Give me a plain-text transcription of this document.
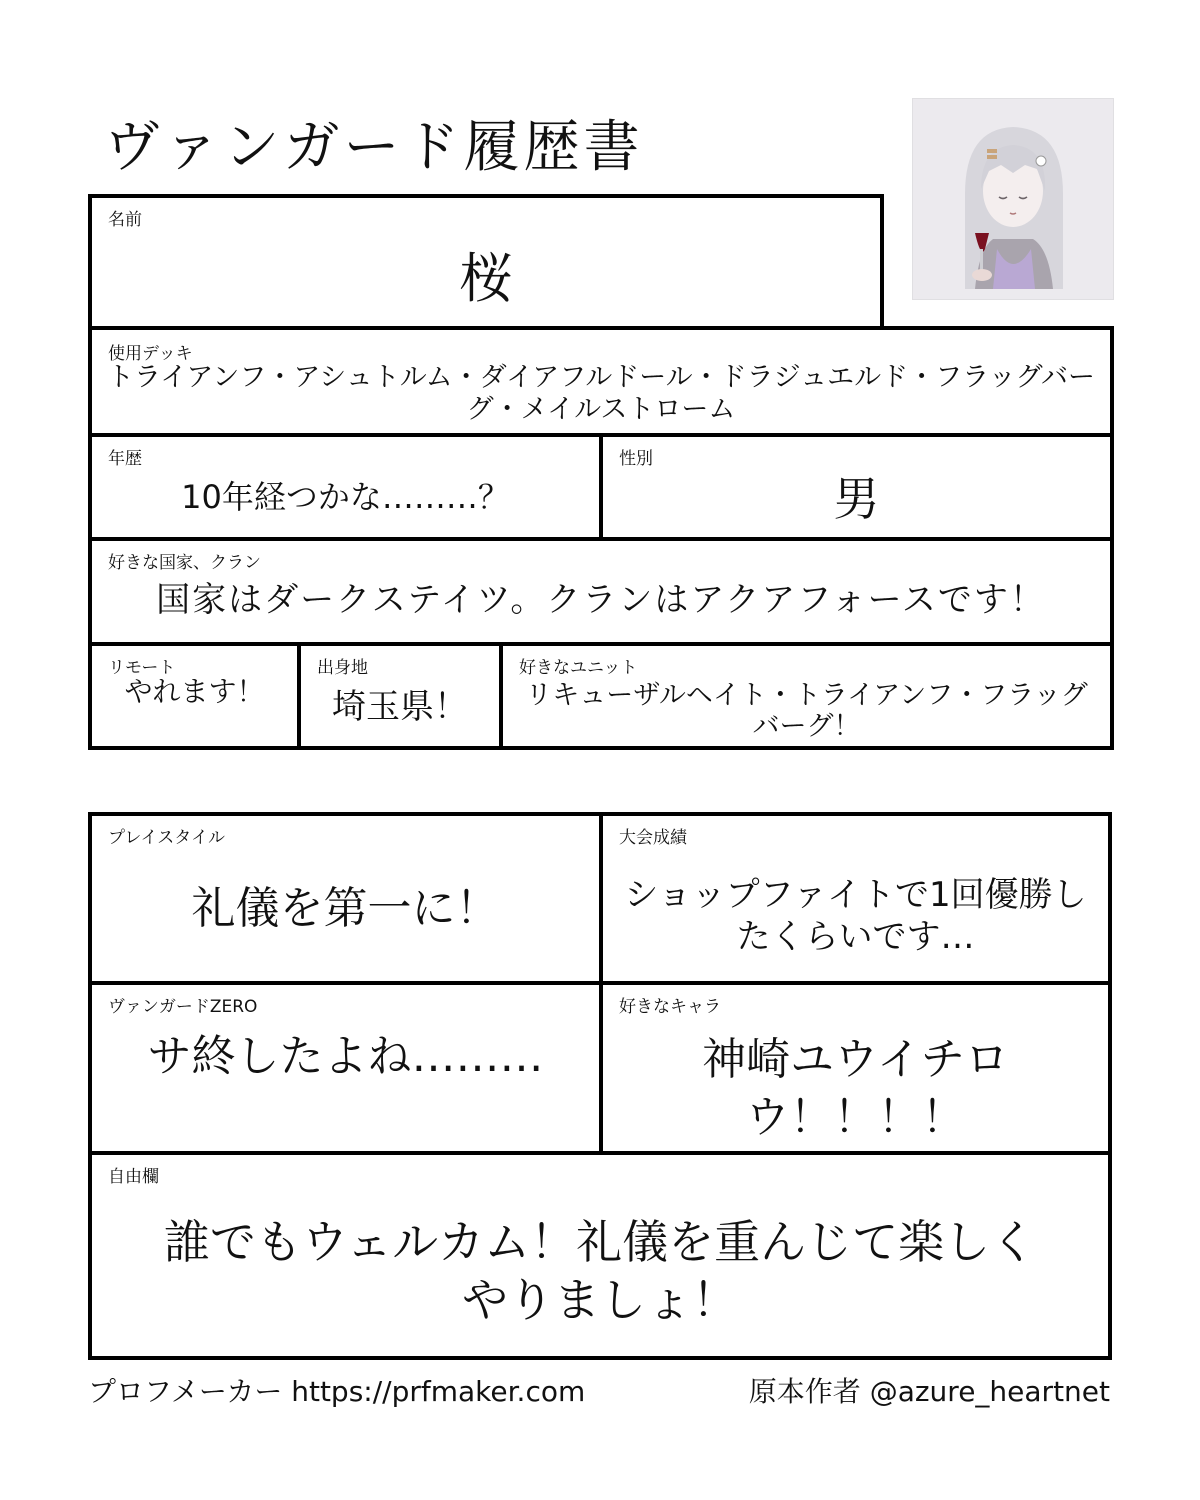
ヴァンガード履歴書
名前
桜
使用デッキ
トライアンフ・アシュトルム・ダイアフルドール・ドラジュエルド・フラッグバーグ・メイルストローム
年歴
10年経つかな………？
性別
男
好きな国家、クラン
国家はダークステイツ。クランはアクアフォースです！
リモート
やれます！
出身地
埼玉県！
好きなユニット
リキューザルヘイト・トライアンフ・フラッグバーグ！
プレイスタイル
礼儀を第一に！
大会成績
ショップファイトで1回優勝したくらいです…
ヴァンガードZERO
サ終したよね………
好きなキャラ
神崎ユウイチロウ！！！！
自由欄
誰でもウェルカム！礼儀を重んじて楽しくやりましょ！
プロフメーカー https://prfmaker.com	原本作者 @azure_heartnet
